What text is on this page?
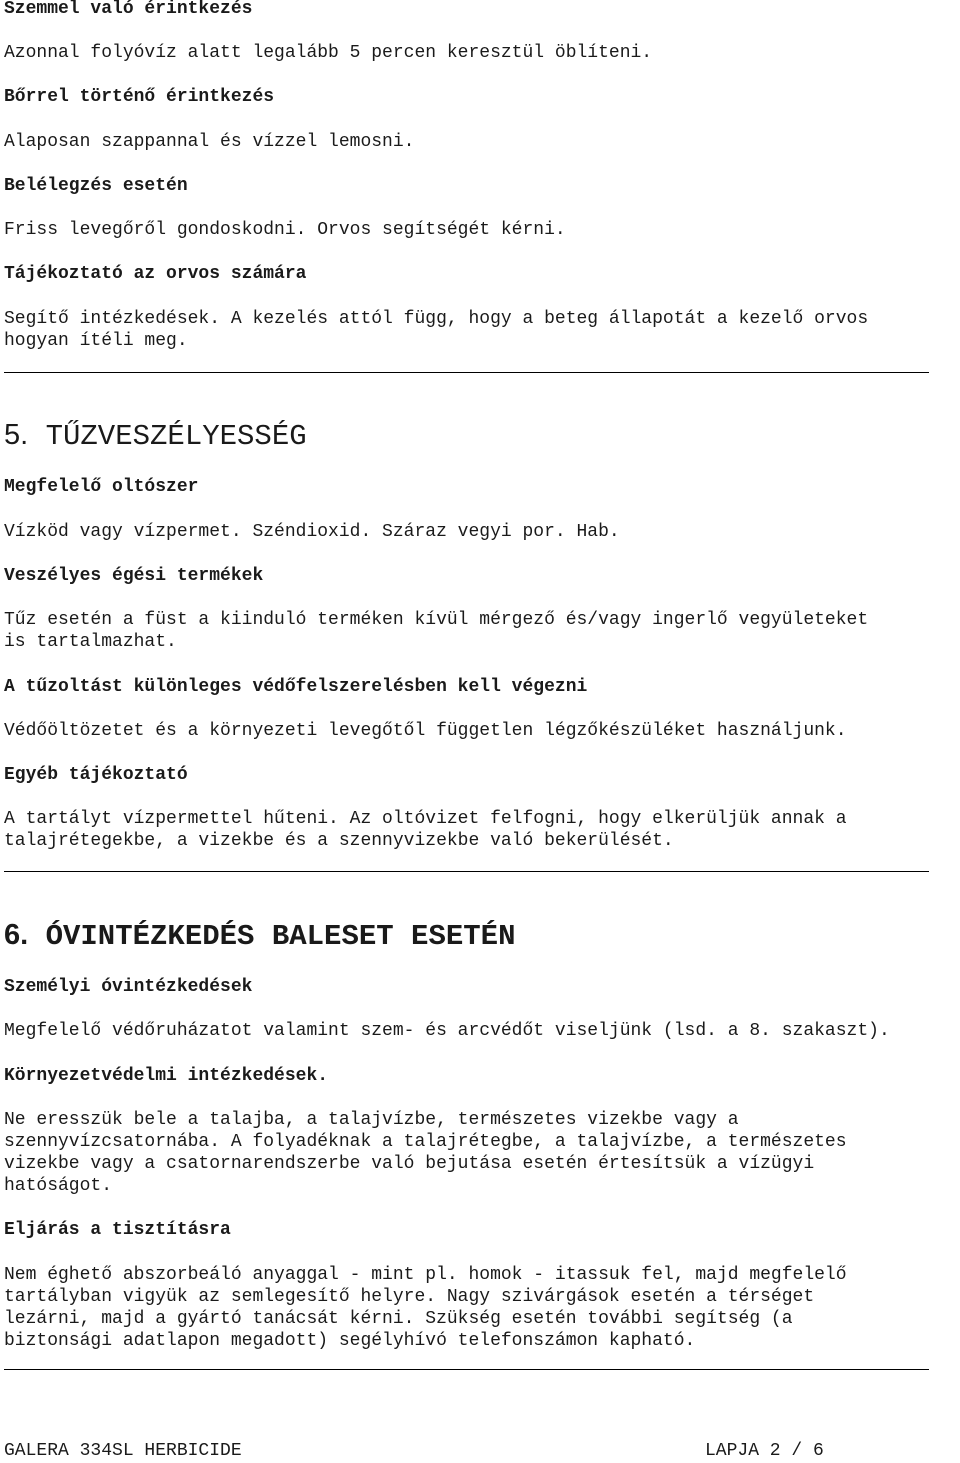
Szemmel való érintkezés
Azonnal folyóvíz alatt legalább 5 percen keresztül öblíteni.
Bőrrel történő érintkezés
Alaposan szappannal és vízzel lemosni.
Belélegzés esetén
Friss levegőről gondoskodni. Orvos segítségét kérni.
Tájékoztató az orvos számára
Segítő intézkedések. A kezelés attól függ, hogy a beteg állapotát a kezelő orvos
hogyan ítéli meg.
5. TŰZVESZÉLYESSÉG
Megfelelő oltószer
Vízköd vagy vízpermet. Széndioxid. Száraz vegyi por. Hab.
Veszélyes égési termékek
Tűz esetén a füst a kiinduló terméken kívül mérgező és/vagy ingerlő vegyületeket
is tartalmazhat.
A tűzoltást különleges védőfelszerelésben kell végezni
Védőöltözetet és a környezeti levegőtől független légzőkészüléket használjunk.
Egyéb tájékoztató
A tartályt vízpermettel hűteni. Az oltóvizet felfogni, hogy elkerüljük annak a
talajrétegekbe, a vizekbe és a szennyvizekbe való bekerülését.
6. ÓVINTÉZKEDÉS BALESET ESETÉN
Személyi óvintézkedések
Megfelelő védőruházatot valamint szem- és arcvédőt viseljünk (lsd. a 8. szakaszt).
Környezetvédelmi intézkedések.
Ne eresszük bele a talajba, a talajvízbe, természetes vizekbe vagy a
szennyvízcsatornába. A folyadéknak a talajrétegbe, a talajvízbe, a természetes
vizekbe vagy a csatornarendszerbe való bejutása esetén értesítsük a vízügyi
hatóságot.
Eljárás a tisztításra
Nem éghető abszorbeáló anyaggal - mint pl. homok - itassuk fel, majd megfelelő
tartályban vigyük az semlegesítő helyre. Nagy szivárgások esetén a térséget
lezárni, majd a gyártó tanácsát kérni. Szükség esetén további segítség (a
biztonsági adatlapon megadott) segélyhívó telefonszámon kapható.
GALERA 334SL HERBICIDE	LAPJA 2 / 6
